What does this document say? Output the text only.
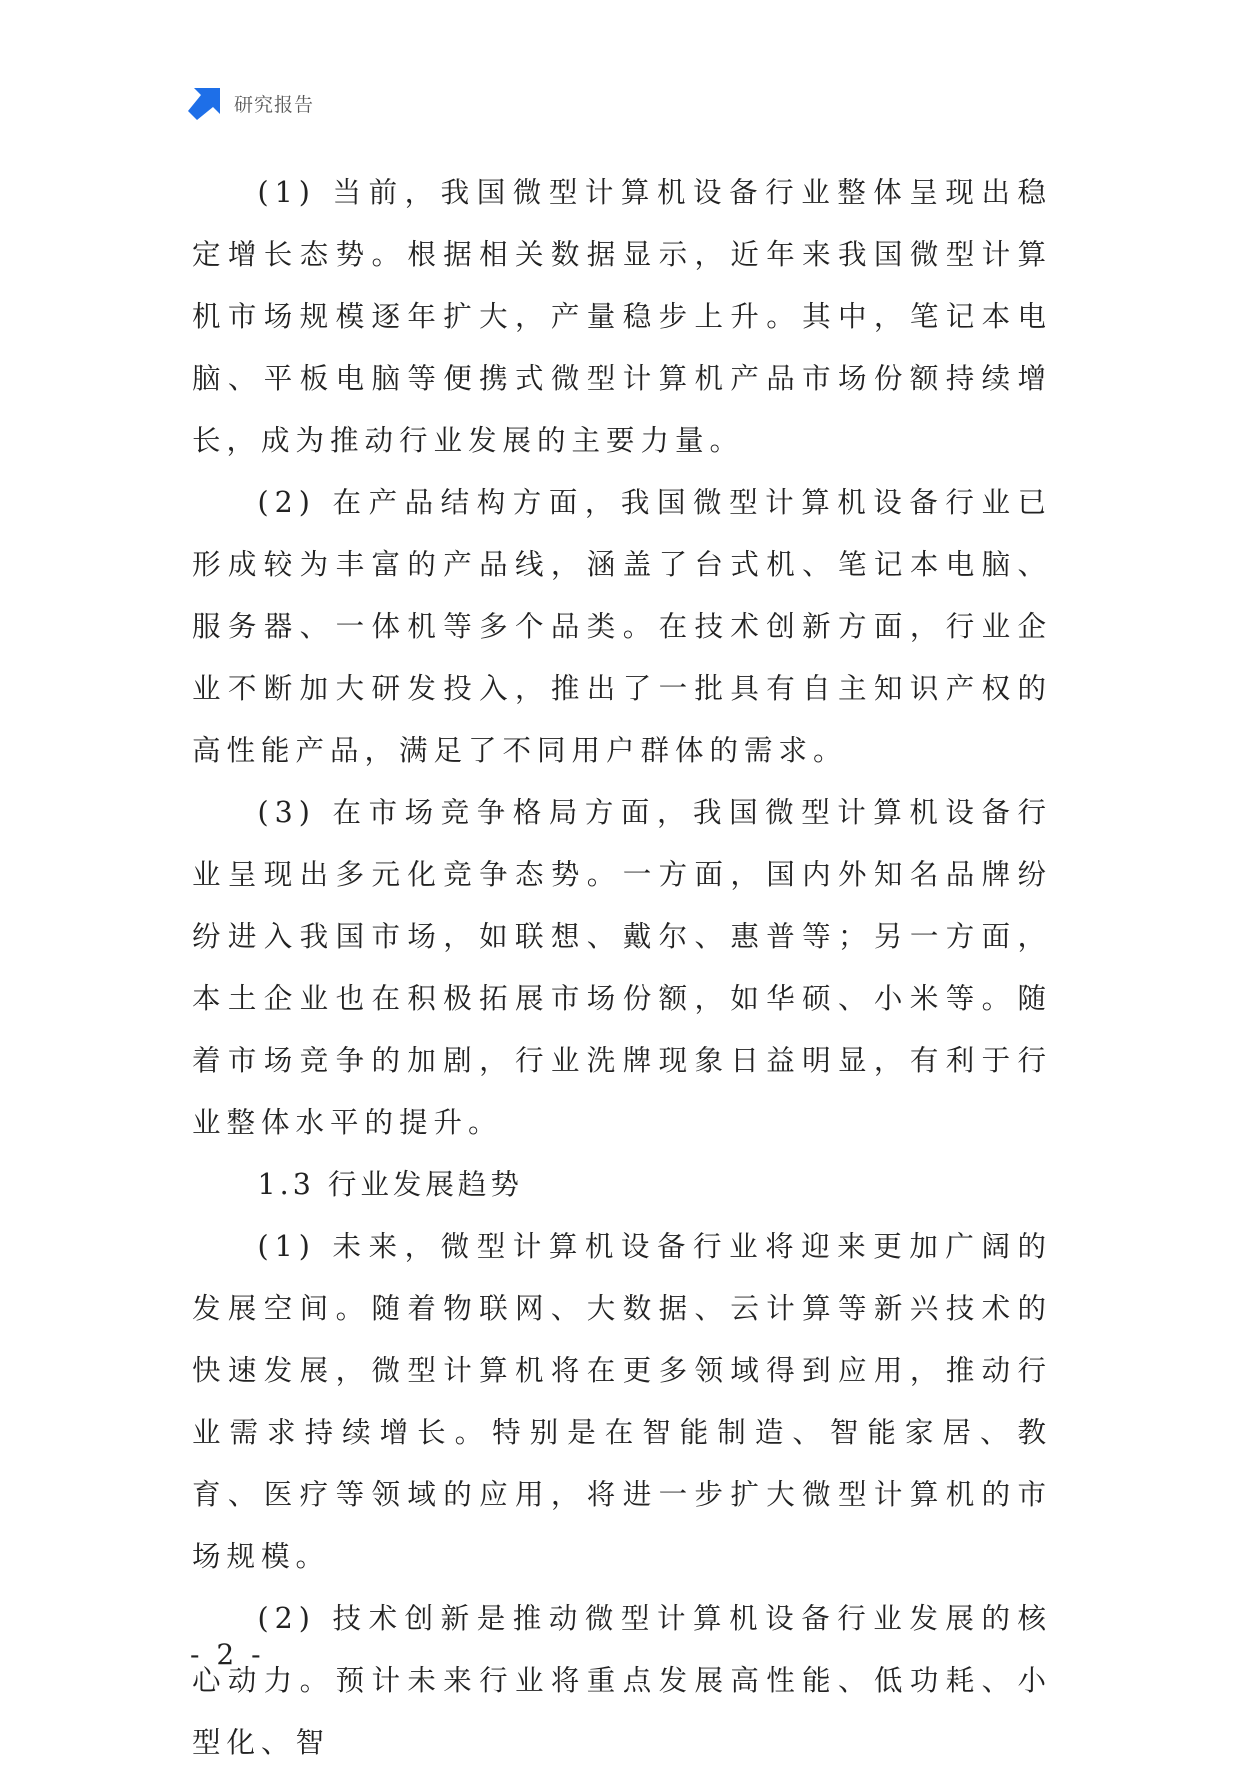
研究报告

(1) 当前，我国微型计算机设备行业整体呈现出稳定增长态势。根据相关数据显示，近年来我国微型计算机市场规模逐年扩大，产量稳步上升。其中，笔记本电脑、平板电脑等便携式微型计算机产品市场份额持续增长，成为推动行业发展的主要力量。

(2) 在产品结构方面，我国微型计算机设备行业已形成较为丰富的产品线，涵盖了台式机、笔记本电脑、服务器、一体机等多个品类。在技术创新方面，行业企业不断加大研发投入，推出了一批具有自主知识产权的高性能产品，满足了不同用户群体的需求。

(3) 在市场竞争格局方面，我国微型计算机设备行业呈现出多元化竞争态势。一方面，国内外知名品牌纷纷进入我国市场，如联想、戴尔、惠普等；另一方面，本土企业也在积极拓展市场份额，如华硕、小米等。随着市场竞争的加剧，行业洗牌现象日益明显，有利于行业整体水平的提升。

1.3 行业发展趋势

(1) 未来，微型计算机设备行业将迎来更加广阔的发展空间。随着物联网、大数据、云计算等新兴技术的快速发展，微型计算机将在更多领域得到应用，推动行业需求持续增长。特别是在智能制造、智能家居、教育、医疗等领域的应用，将进一步扩大微型计算机的市场规模。

(2) 技术创新是推动微型计算机设备行业发展的核心动力。预计未来行业将重点发展高性能、低功耗、小型化、智

- 2 -
